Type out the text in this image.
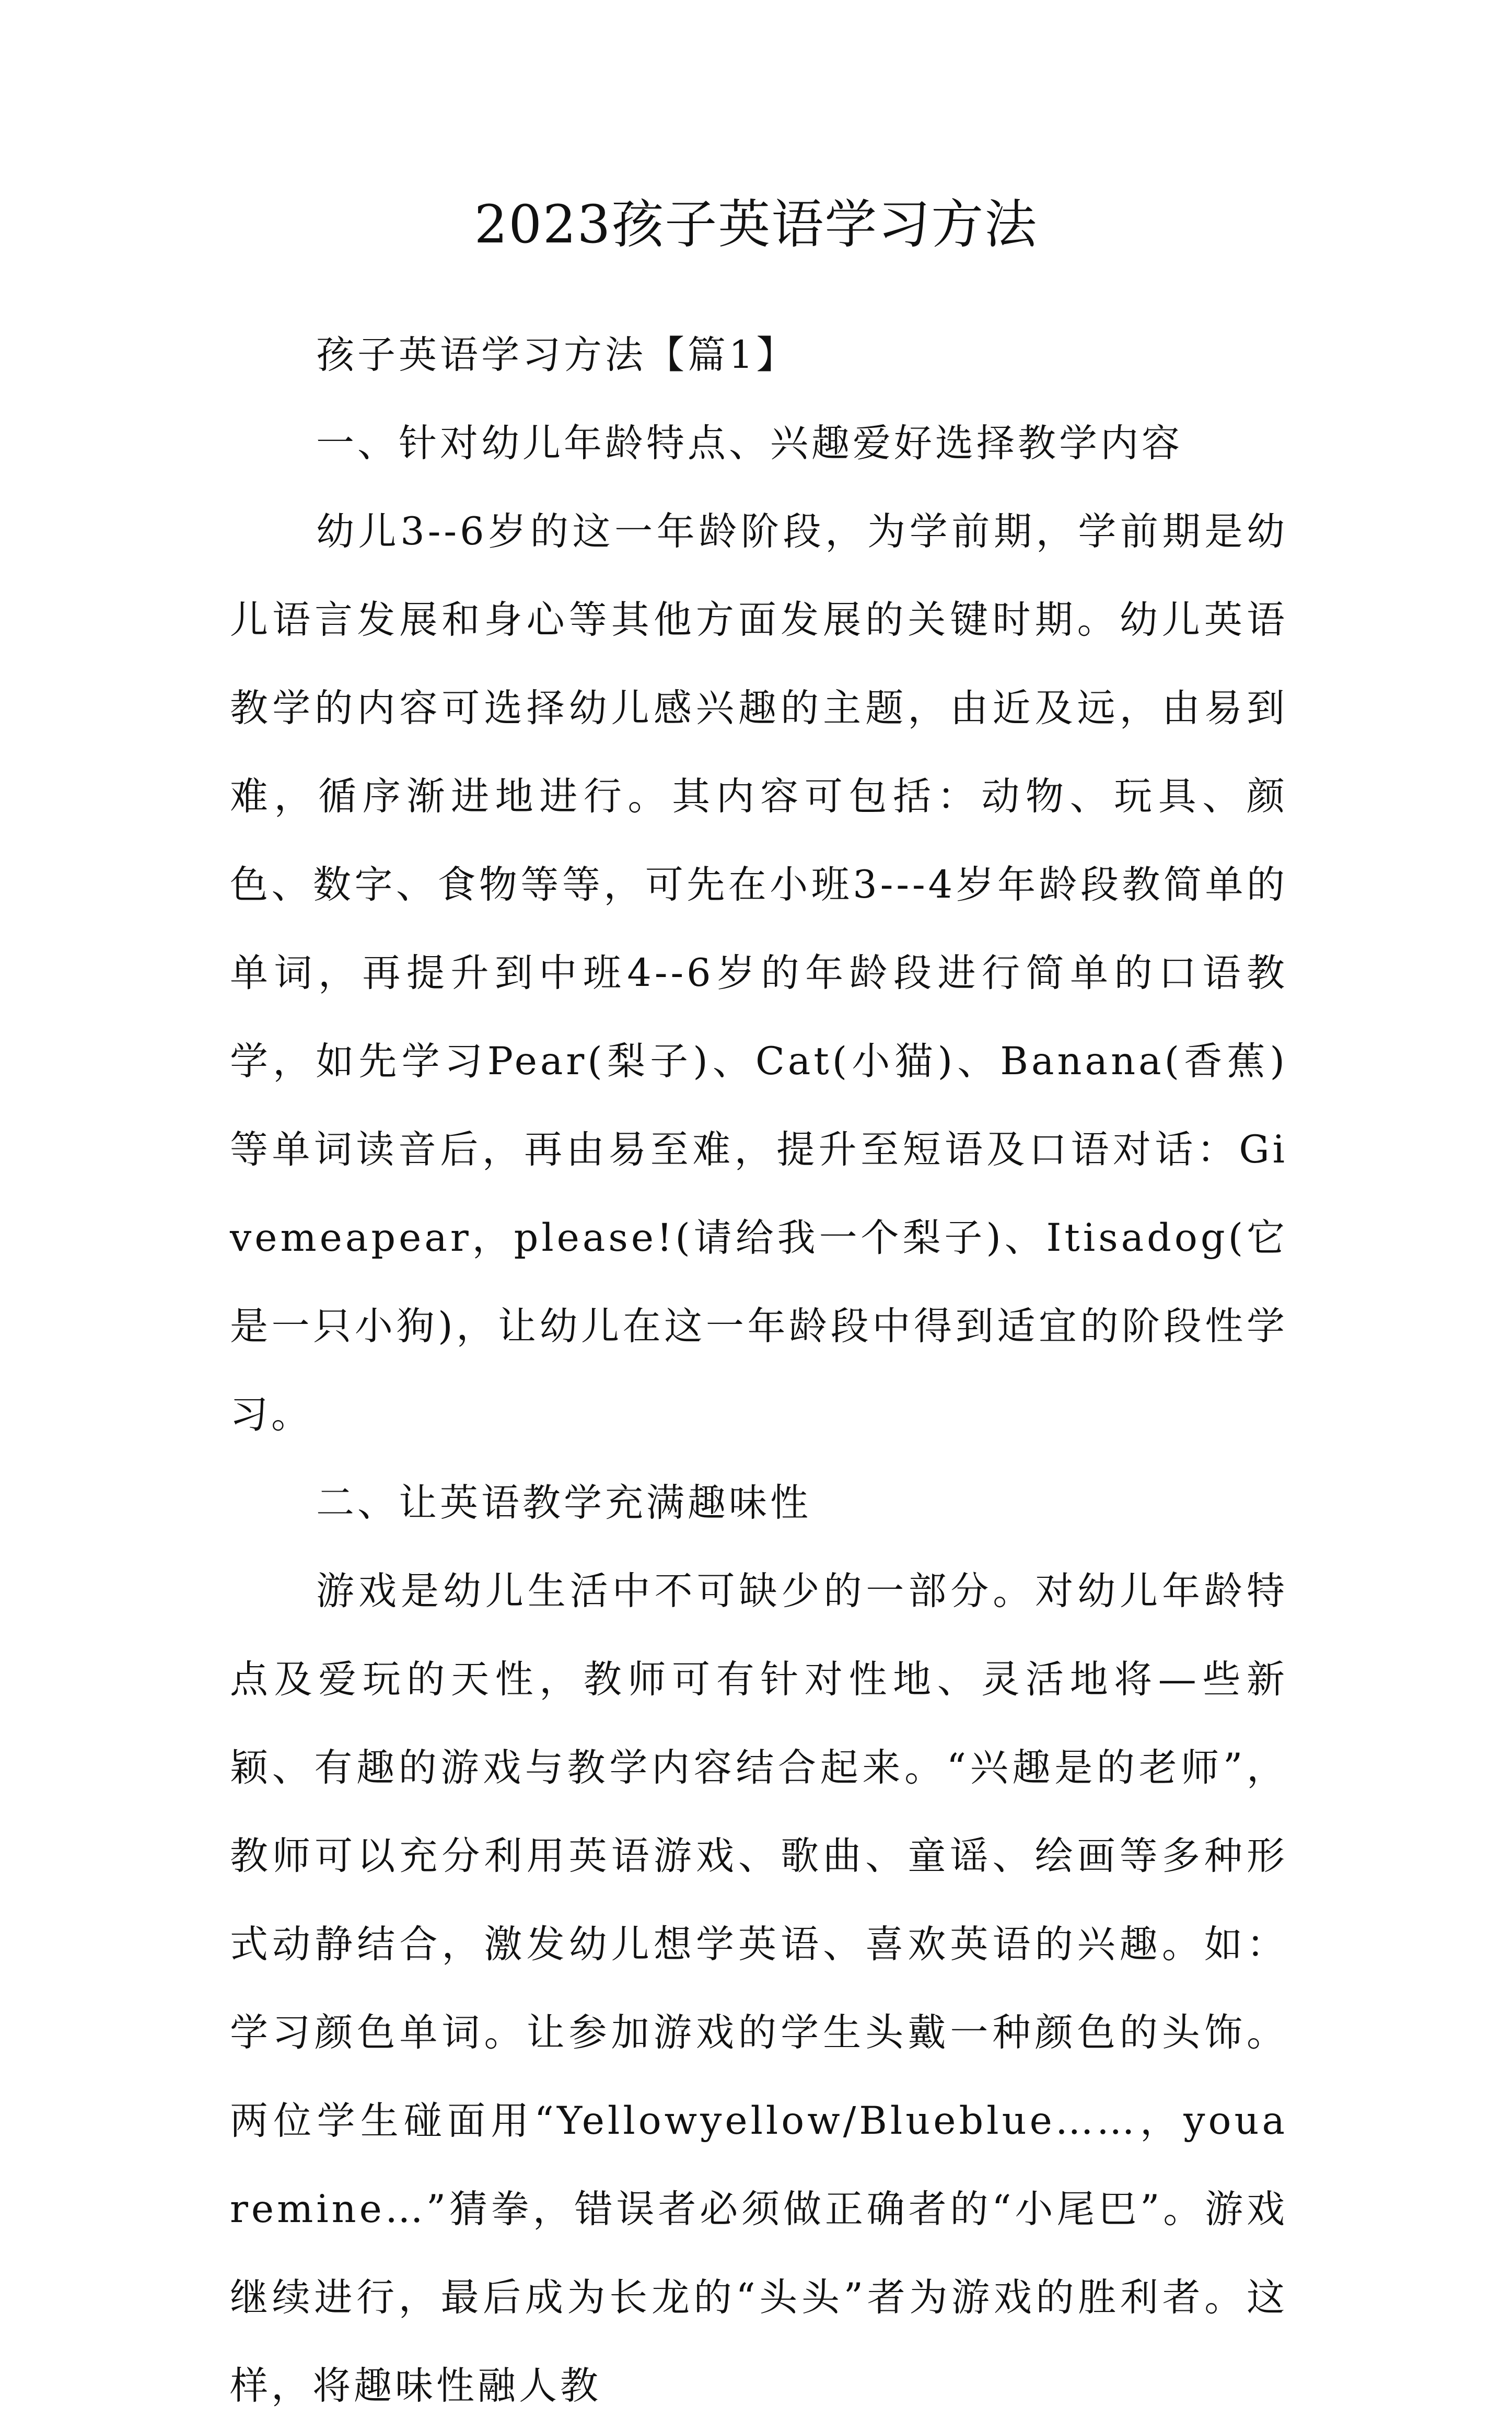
2023孩子英语学习方法

孩子英语学习方法【篇1】

一、针对幼儿年龄特点、兴趣爱好选择教学内容

幼儿3--6岁的这一年龄阶段，为学前期，学前期是幼儿语言发展和身心等其他方面发展的关键时期。幼儿英语教学的内容可选择幼儿感兴趣的主题，由近及远，由易到难，循序渐进地进行。其内容可包括：动物、玩具、颜色、数字、食物等等，可先在小班3---4岁年龄段教简单的单词，再提升到中班4--6岁的年龄段进行简单的口语教学，如先学习Pear(梨子)、Cat(小猫)、Banana(香蕉)等单词读音后，再由易至难，提升至短语及口语对话：Givemeapear，please!(请给我一个梨子)、Itisadog(它是一只小狗)，让幼儿在这一年龄段中得到适宜的阶段性学习。

二、让英语教学充满趣味性

游戏是幼儿生活中不可缺少的一部分。对幼儿年龄特点及爱玩的天性，教师可有针对性地、灵活地将—些新颖、有趣的游戏与教学内容结合起来。“兴趣是的老师”，教师可以充分利用英语游戏、歌曲、童谣、绘画等多种形式动静结合，激发幼儿想学英语、喜欢英语的兴趣。如：学习颜色单词。让参加游戏的学生头戴一种颜色的头饰。两位学生碰面用“Yellowyellow/Blueblue……，youaremine…”猜拳，错误者必须做正确者的“小尾巴”。游戏继续进行，最后成为长龙的“头头”者为游戏的胜利者。这样，将趣味性融人教
